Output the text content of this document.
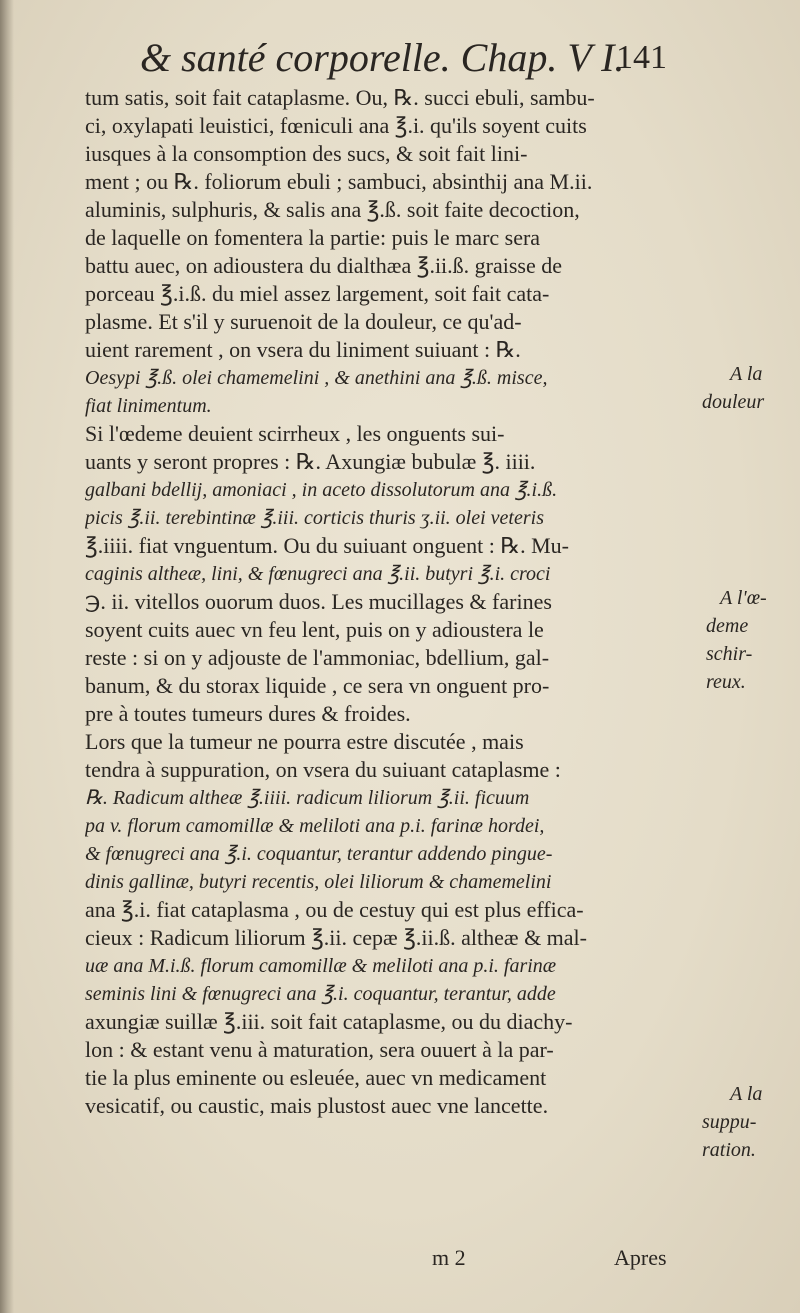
& santé corporelle. Chap. V I.
141
tum satis, soit fait cataplasme. Ou, ℞. succi ebuli, sambu-
ci, oxylapati leuistici, fœniculi ana ℥.i. qu'ils soyent cuits
iusques à la consomption des sucs, & soit fait lini-
ment ; ou ℞. foliorum ebuli ; sambuci, absinthij ana M.ii.
aluminis, sulphuris, & salis ana ℥.ß. soit faite decoction,
de laquelle on fomentera la partie: puis le marc sera
battu auec, on adioustera du dialthæa ℥.ii.ß. graisse de
porceau ℥.i.ß. du miel assez largement, soit fait cata-
plasme. Et s'il y suruenoit de la douleur, ce qu'ad-
uient rarement , on vsera du liniment suiuant : ℞.
Oesypi ℥.ß. olei chamemelini , & anethini ana ℥.ß. misce,
fiat linimentum.
Si l'œdeme deuient scirrheux , les onguents sui-
uants y seront propres : ℞. Axungiæ bubulæ ℥. iiii.
galbani bdellij, amoniaci , in aceto dissolutorum ana ℥.i.ß.
picis ℥.ii. terebintinæ ℥.iii. corticis thuris ʒ.ii. olei veteris
℥.iiii. fiat vnguentum. Ou du suiuant onguent : ℞. Mu-
caginis altheæ, lini, & fœnugreci ana ℥.ii. butyri ℥.i. croci
℈. ii. vitellos ouorum duos. Les mucillages & farines
soyent cuits auec vn feu lent, puis on y adioustera le
reste : si on y adjouste de l'ammoniac, bdellium, gal-
banum, & du storax liquide , ce sera vn onguent pro-
pre à toutes tumeurs dures & froides.
Lors que la tumeur ne pourra estre discutée , mais
tendra à suppuration, on vsera du suiuant cataplasme :
℞. Radicum altheæ ℥.iiii. radicum liliorum ℥.ii. ficuum
pa v. florum camomillæ & meliloti ana p.i. farinæ hordei,
& fœnugreci ana ℥.i. coquantur, terantur addendo pingue-
dinis gallinæ, butyri recentis, olei liliorum & chamemelini
ana ℥.i. fiat cataplasma , ou de cestuy qui est plus effica-
cieux : Radicum liliorum ℥.ii. cepæ ℥.ii.ß. altheæ & mal-
uæ ana M.i.ß. florum camomillæ & meliloti ana p.i. farinæ
seminis lini & fœnugreci ana ℥.i. coquantur, terantur, adde
axungiæ suillæ ℥.iii. soit fait cataplasme, ou du diachy-
lon : & estant venu à maturation, sera ouuert à la par-
tie la plus eminente ou esleuée, auec vn medicament
vesicatif, ou caustic, mais plustost auec vne lancette.
A la
douleur
A l'œ-
deme
schir-
reux.
A la
suppu-
ration.
m 2	Apres
